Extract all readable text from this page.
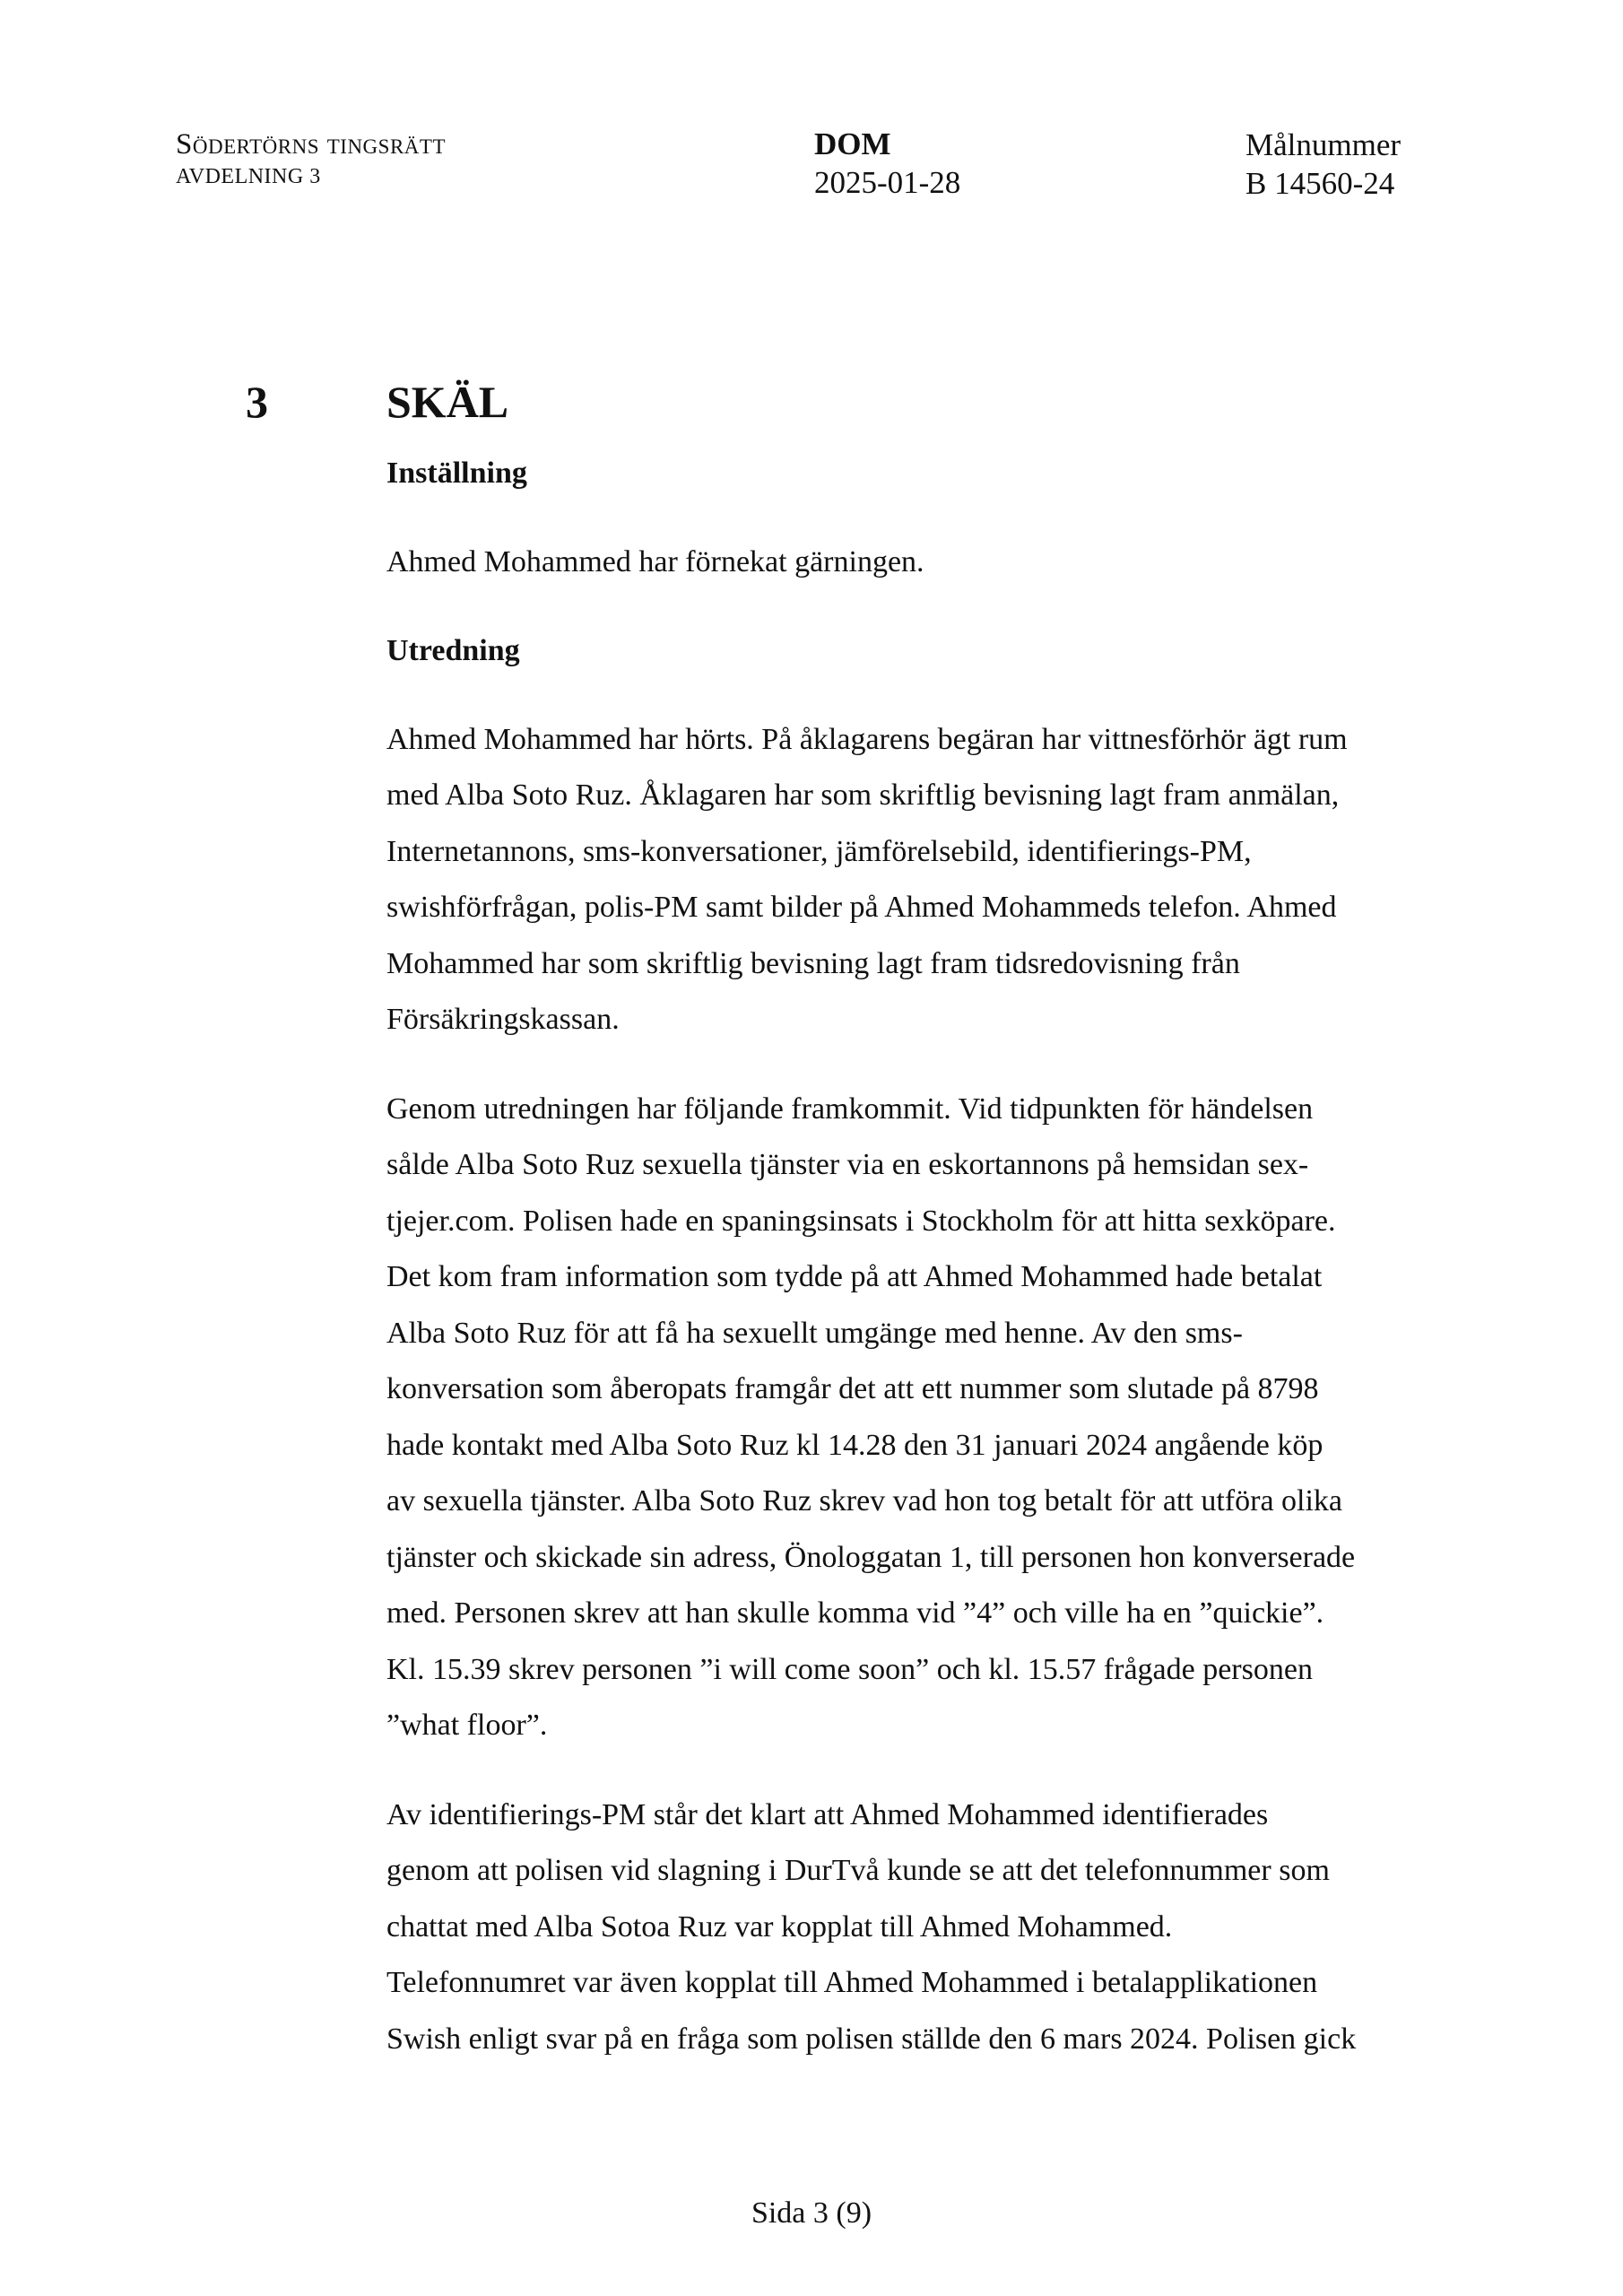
Södertörns tingsrätt
AVDELNING 3
DOM
2025-01-28
Målnummer
B 14560-24
3	SKÄL
Inställning

Ahmed Mohammed har förnekat gärningen.

Utredning

Ahmed Mohammed har hörts. På åklagarens begäran har vittnesförhör ägt rum
med Alba Soto Ruz. Åklagaren har som skriftlig bevisning lagt fram anmälan,
Internetannons, sms-konversationer, jämförelsebild, identifierings-PM,
swishförfrågan, polis-PM samt bilder på Ahmed Mohammeds telefon. Ahmed
Mohammed har som skriftlig bevisning lagt fram tidsredovisning från
Försäkringskassan.

Genom utredningen har följande framkommit. Vid tidpunkten för händelsen
sålde Alba Soto Ruz sexuella tjänster via en eskortannons på hemsidan sex-
tjejer.com. Polisen hade en spaningsinsats i Stockholm för att hitta sexköpare.
Det kom fram information som tydde på att Ahmed Mohammed hade betalat
Alba Soto Ruz för att få ha sexuellt umgänge med henne. Av den sms-
konversation som åberopats framgår det att ett nummer som slutade på 8798
hade kontakt med Alba Soto Ruz kl 14.28 den 31 januari 2024 angående köp
av sexuella tjänster. Alba Soto Ruz skrev vad hon tog betalt för att utföra olika
tjänster och skickade sin adress, Önologgatan 1, till personen hon konverserade
med. Personen skrev att han skulle komma vid ”4” och ville ha en ”quickie”.
Kl. 15.39 skrev personen ”i will come soon” och kl. 15.57 frågade personen
”what floor”.

Av identifierings-PM står det klart att Ahmed Mohammed identifierades
genom att polisen vid slagning i DurTvå kunde se att det telefonnummer som
chattat med Alba Sotoa Ruz var kopplat till Ahmed Mohammed.
Telefonnumret var även kopplat till Ahmed Mohammed i betalapplikationen
Swish enligt svar på en fråga som polisen ställde den 6 mars 2024. Polisen gick

Sida 3 (9)
